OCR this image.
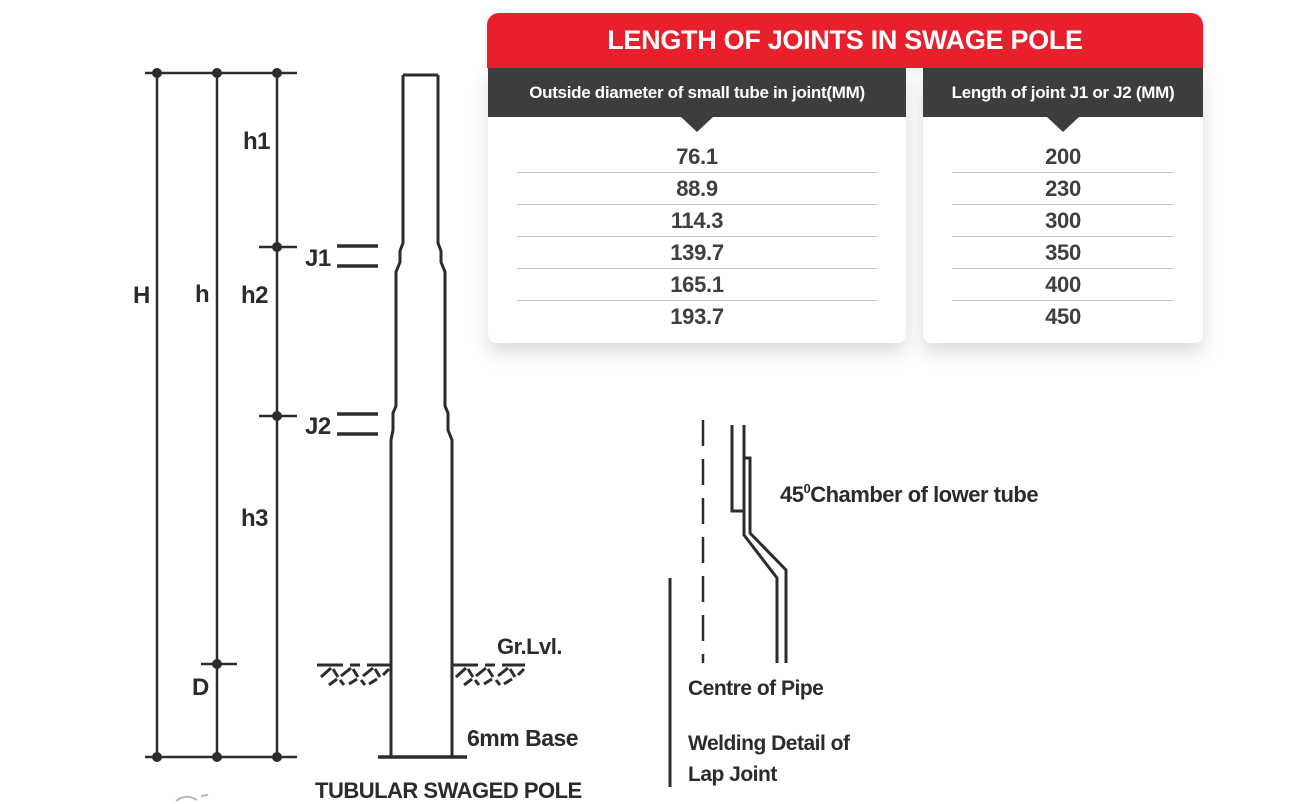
H h
h1
h2
h3
D
J1
J2
Gr.Lvl.
6mm Base
TUBULAR SWAGED POLE
$45^0Chamber$ of lower tube
Centre of Pipe
Welding Detail of
Lap Joint
LENGTH OF JOINTS IN SWAGE POLE
Outside diameter of small tube in joint(MM)
76.1
88.9
114.3
139.7
165.1
193.7
Length of joint J1 or J2 (MM)
200
230
300
350
400
450
